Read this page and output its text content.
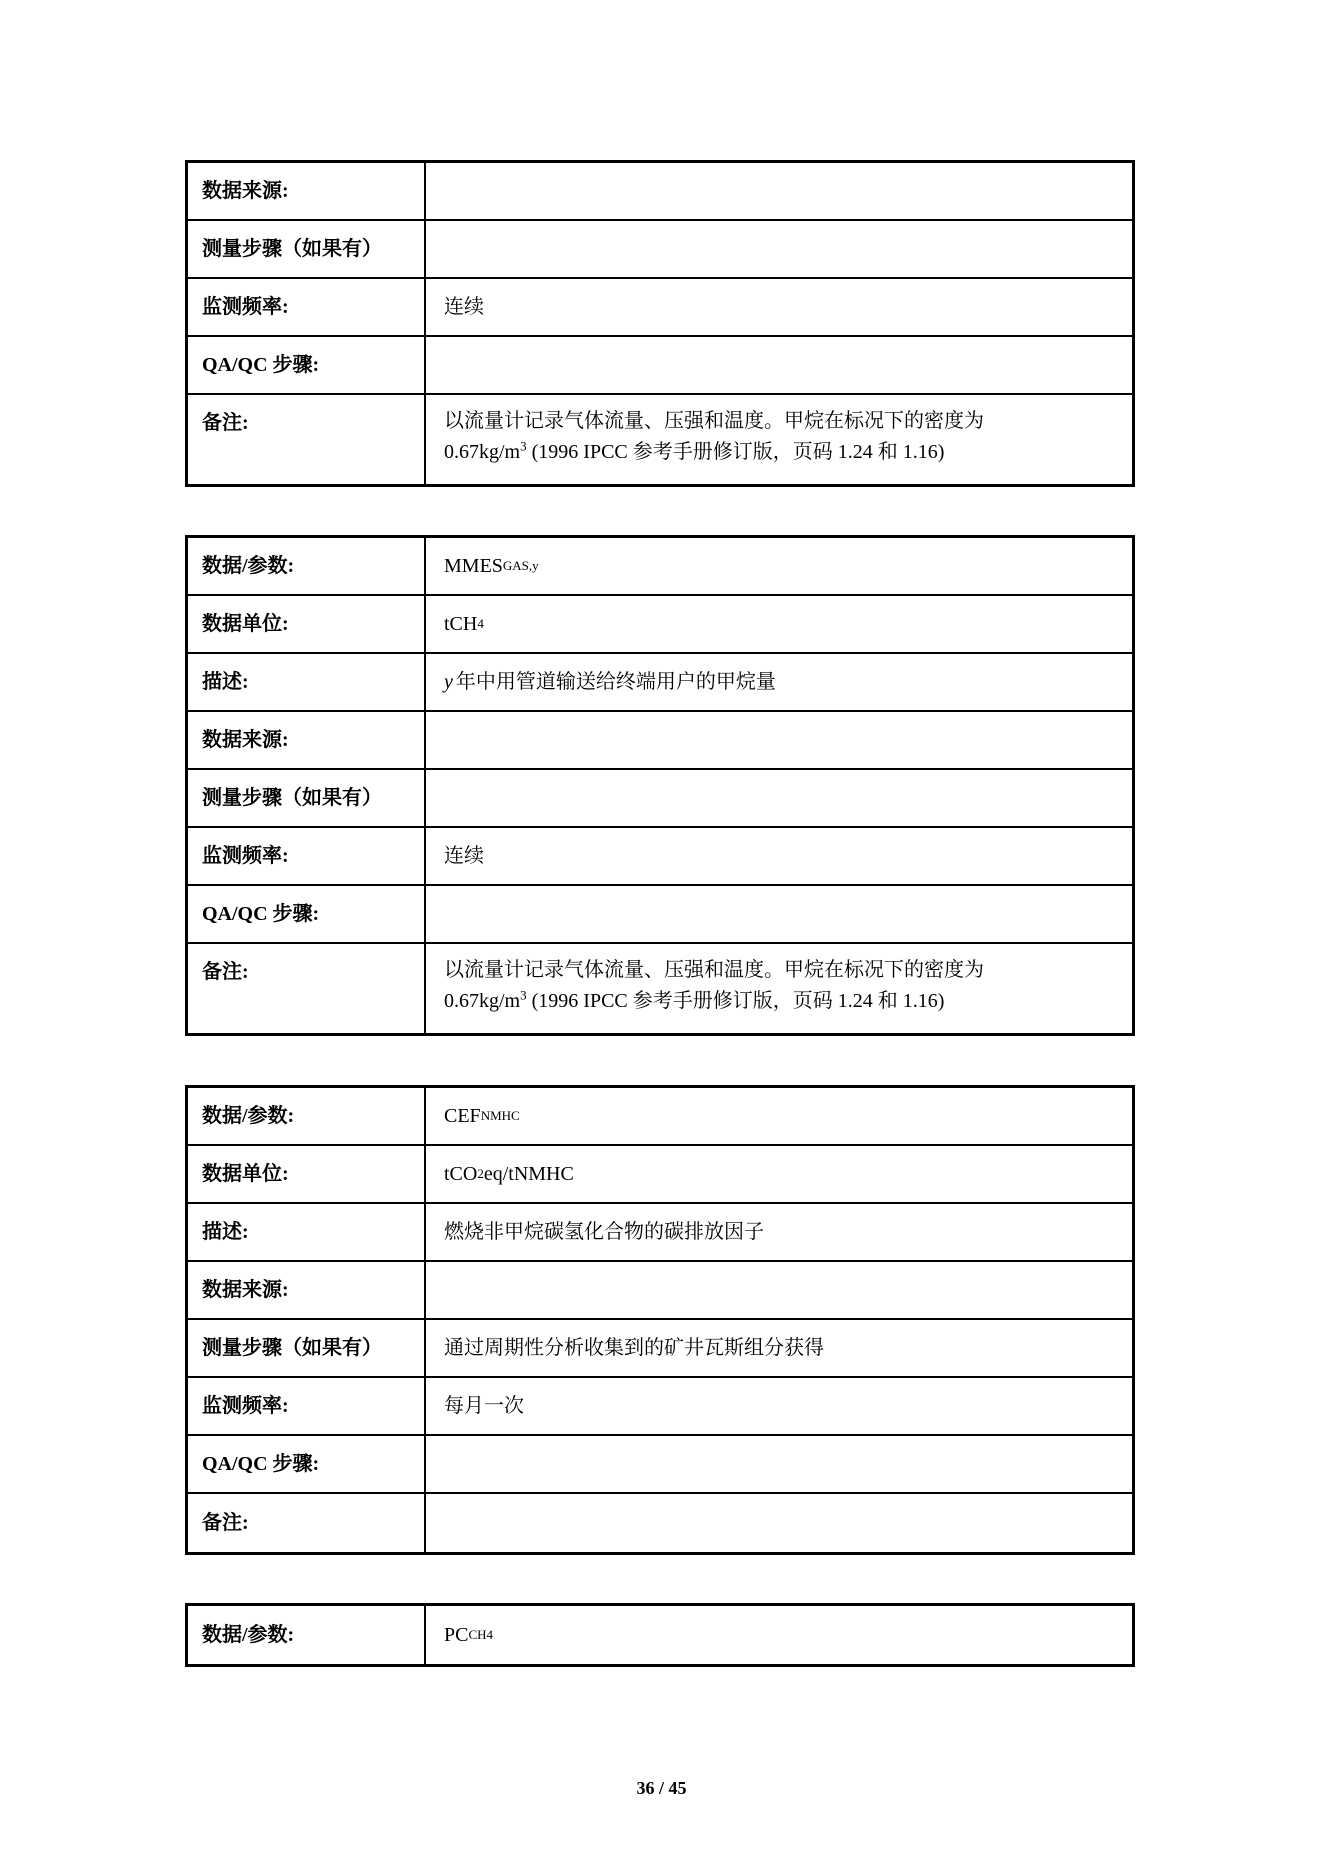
数据来源:
测量步骤（如果有）
监测频率:	连续
QA/QC 步骤:
备注:	以流量计记录气体流量、压强和温度。甲烷在标况下的密度为
$0.67kg/m^3$ (1996 IPCC 参考手册修订版，页码 1.24 和 1.16)
数据/参数:	MMES GAS,y
数据单位:	tCH 4
描述:	y 年中用管道输送给终端用户的甲烷量
数据来源:
测量步骤（如果有）
监测频率:	连续
QA/QC 步骤:
备注:	以流量计记录气体流量、压强和温度。甲烷在标况下的密度为
$0.67kg/m^3$ (1996 IPCC 参考手册修订版，页码 1.24 和 1.16)
数据/参数:	CEF NMHC
数据单位:	tCO 2 eq/tNMHC
描述:	燃烧非甲烷碳氢化合物的碳排放因子
数据来源:
测量步骤（如果有）	通过周期性分析收集到的矿井瓦斯组分获得
监测频率:	每月一次
QA/QC 步骤:
备注:
数据/参数:	PC CH4
36 / 45
